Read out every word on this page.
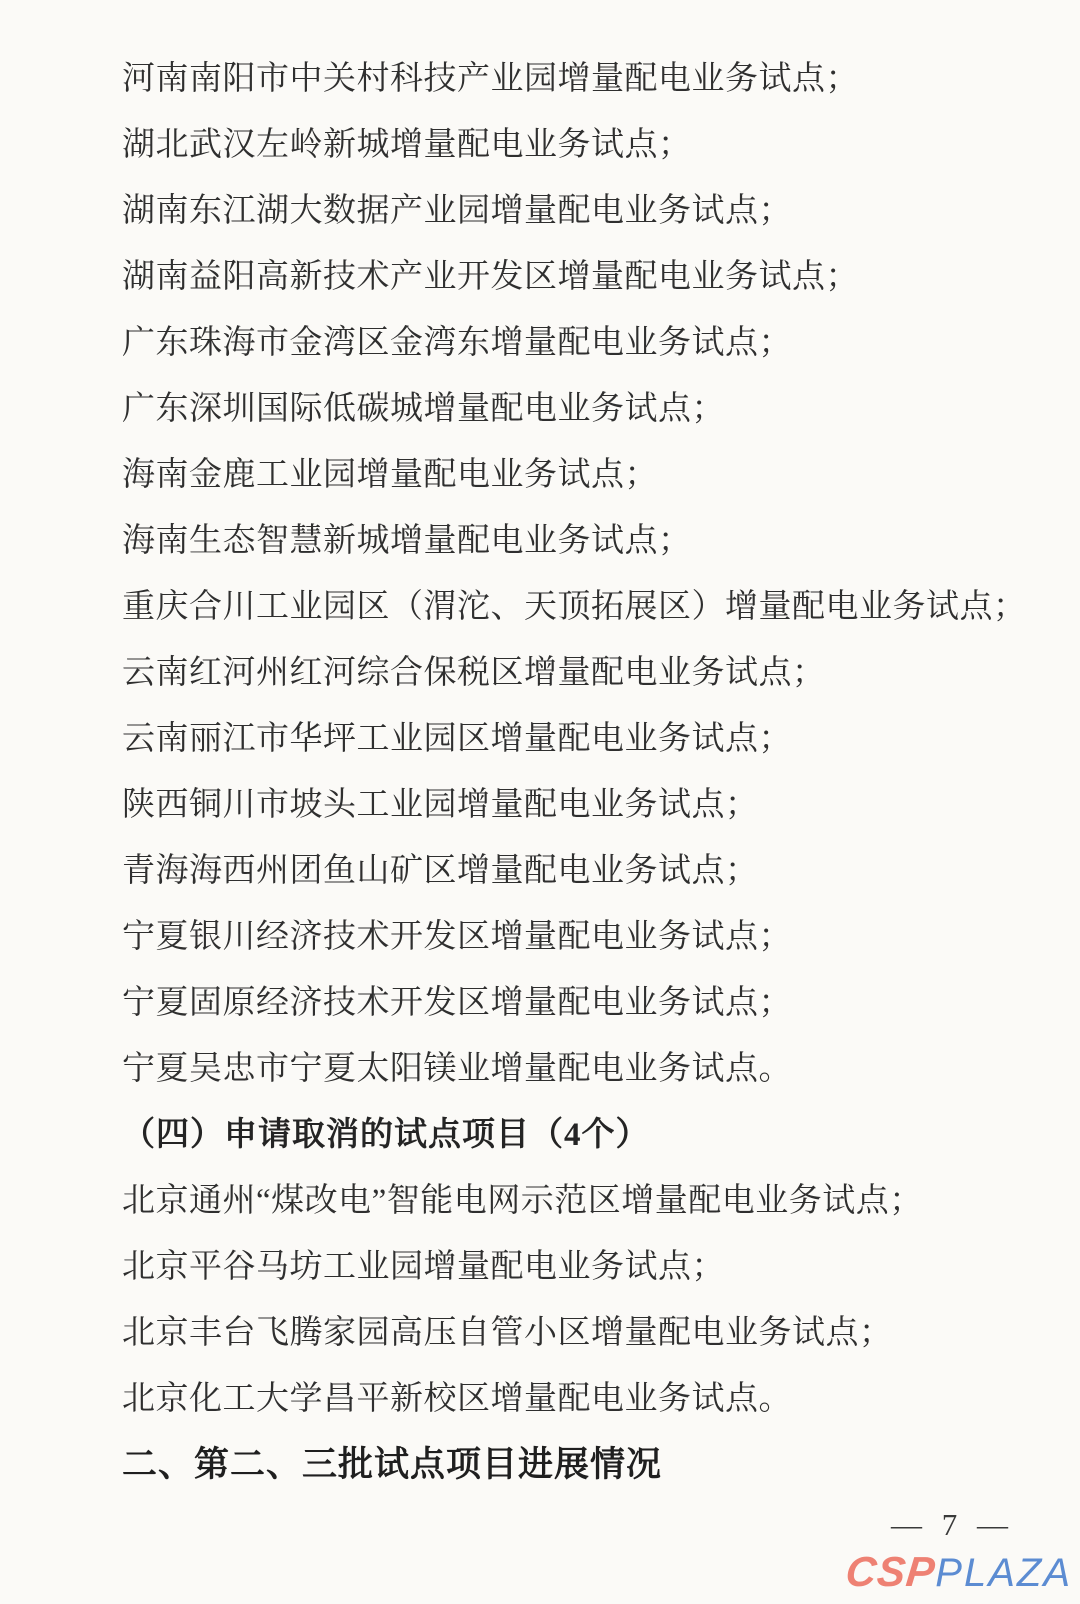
河南南阳市中关村科技产业园增量配电业务试点；

湖北武汉左岭新城增量配电业务试点；

湖南东江湖大数据产业园增量配电业务试点；

湖南益阳高新技术产业开发区增量配电业务试点；

广东珠海市金湾区金湾东增量配电业务试点；

广东深圳国际低碳城增量配电业务试点；

海南金鹿工业园增量配电业务试点；

海南生态智慧新城增量配电业务试点；

重庆合川工业园区（渭沱、天顶拓展区）增量配电业务试点；

云南红河州红河综合保税区增量配电业务试点；

云南丽江市华坪工业园区增量配电业务试点；

陕西铜川市坡头工业园增量配电业务试点；

青海海西州团鱼山矿区增量配电业务试点；

宁夏银川经济技术开发区增量配电业务试点；

宁夏固原经济技术开发区增量配电业务试点；

宁夏吴忠市宁夏太阳镁业增量配电业务试点。

（四）申请取消的试点项目（4个）

北京通州“煤改电”智能电网示范区增量配电业务试点；

北京平谷马坊工业园增量配电业务试点；

北京丰台飞腾家园高压自管小区增量配电业务试点；

北京化工大学昌平新校区增量配电业务试点。

二、第二、三批试点项目进展情况

— 7 —
CSPPLAZA
